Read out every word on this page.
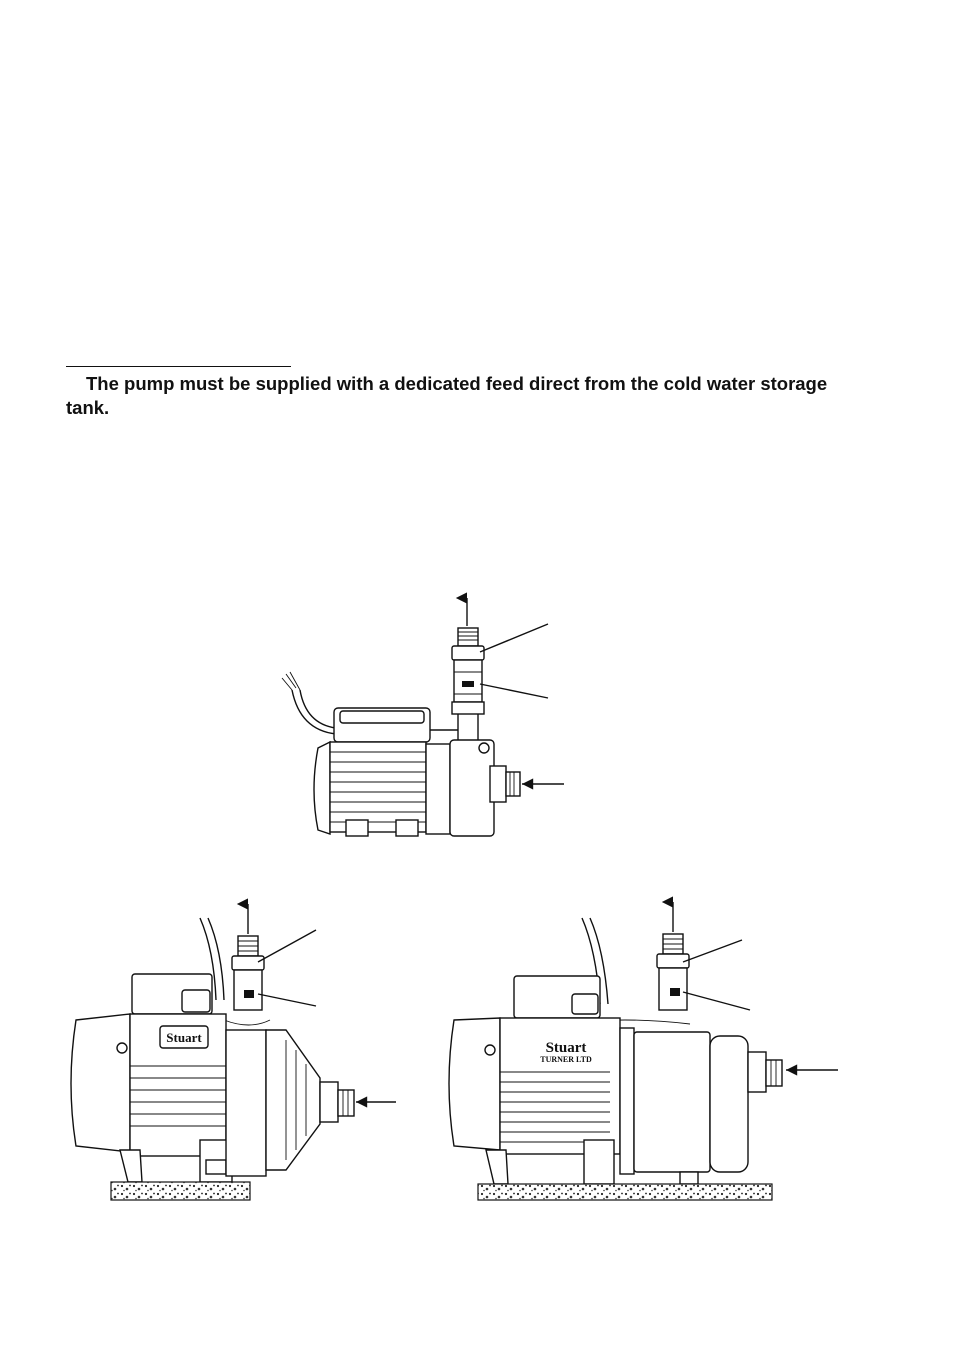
The pump must be supplied with a dedicated feed direct from the cold water storage tank.

Stuart
Stuart
TURNER LTD
